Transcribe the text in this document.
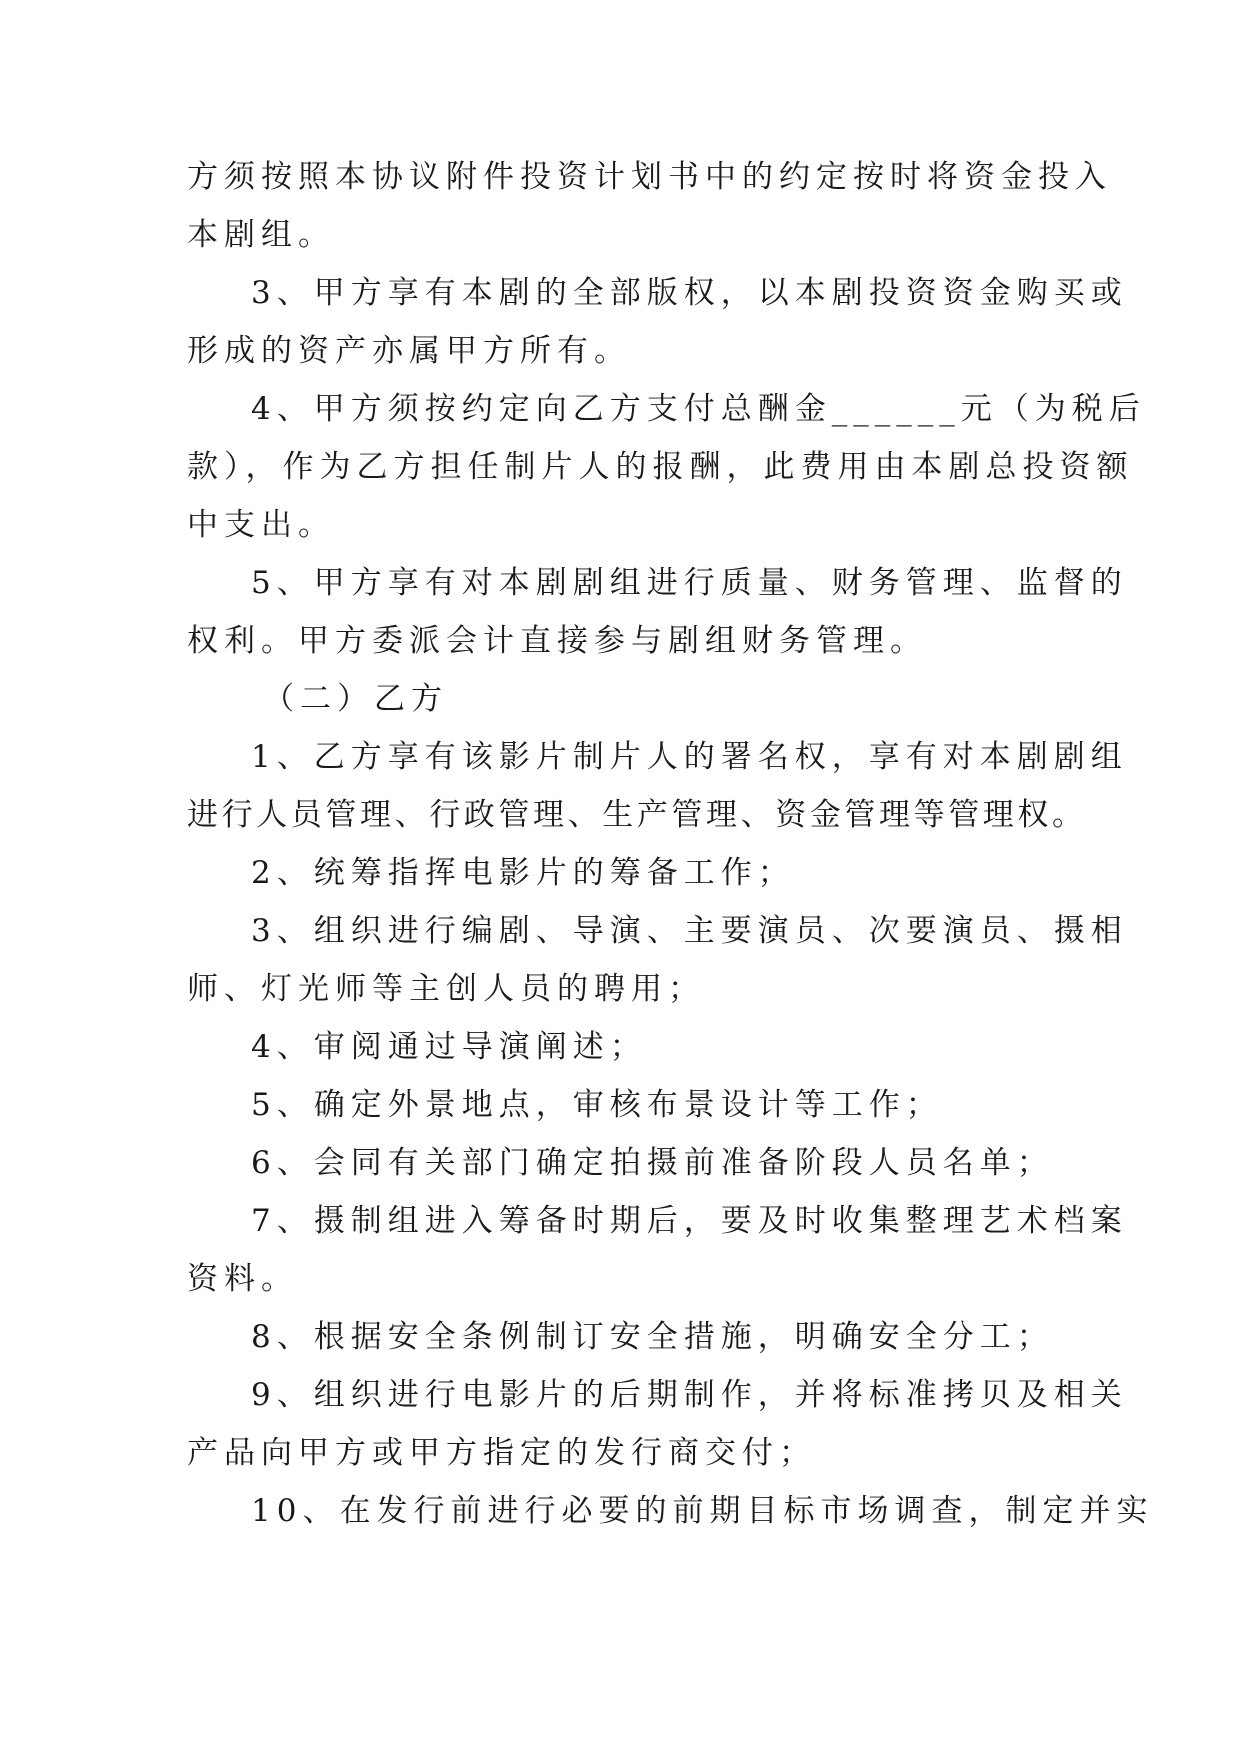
方须按照本协议附件投资计划书中的约定按时将资金投入
本剧组。
3、甲方享有本剧的全部版权，以本剧投资资金购买或
形成的资产亦属甲方所有。
4、甲方须按约定向乙方支付总酬金______元（为税后
款），作为乙方担任制片人的报酬，此费用由本剧总投资额
中支出。
5、甲方享有对本剧剧组进行质量、财务管理、监督的
权利。甲方委派会计直接参与剧组财务管理。
（二）乙方
1、乙方享有该影片制片人的署名权，享有对本剧剧组
进行人员管理、行政管理、生产管理、资金管理等管理权。
2、统筹指挥电影片的筹备工作；
3、组织进行编剧、导演、主要演员、次要演员、摄相
师、灯光师等主创人员的聘用；
4、审阅通过导演阐述；
5、确定外景地点，审核布景设计等工作；
6、会同有关部门确定拍摄前准备阶段人员名单；
7、摄制组进入筹备时期后，要及时收集整理艺术档案
资料。
8、根据安全条例制订安全措施，明确安全分工；
9、组织进行电影片的后期制作，并将标准拷贝及相关
产品向甲方或甲方指定的发行商交付；
10、在发行前进行必要的前期目标市场调查，制定并实
